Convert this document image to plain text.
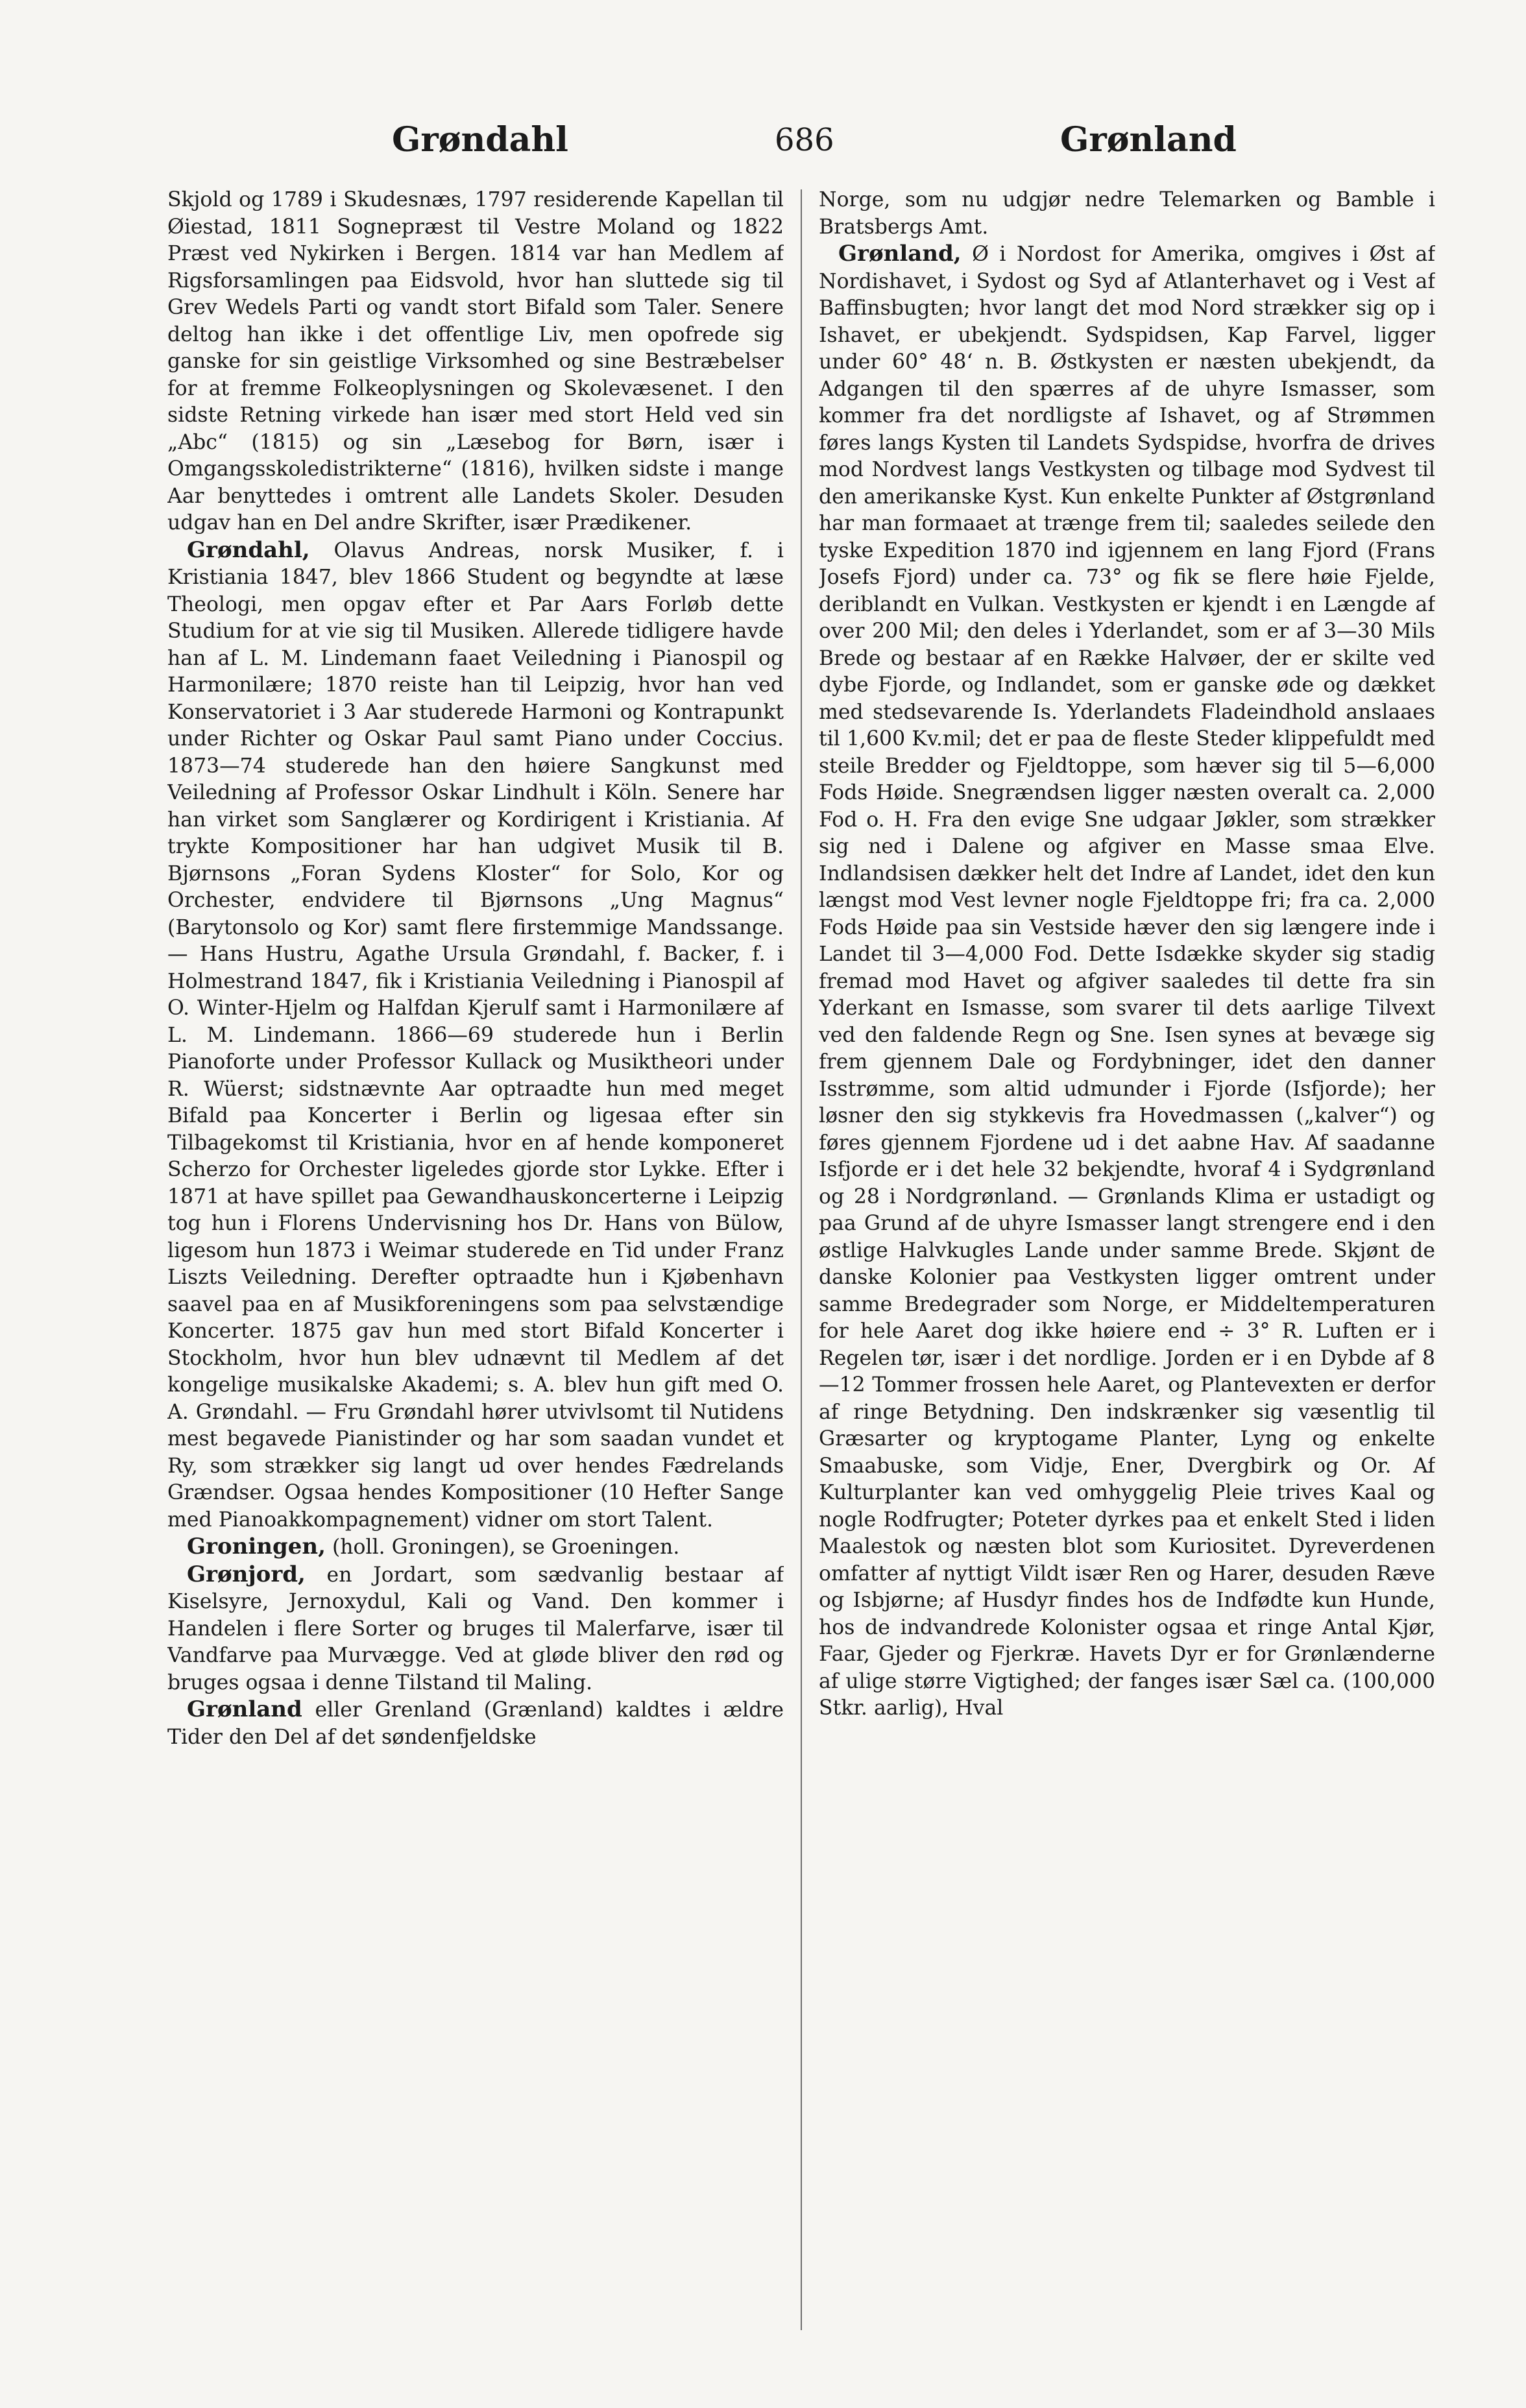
Grøndahl	686	Grønland

Skjold og 1789 i Skudesnæs, 1797 residerende Kapellan til Øiestad, 1811 Sognepræst til Vestre Moland og 1822 Præst ved Nykirken i Bergen. 1814 var han Medlem af Rigsforsamlingen paa Eidsvold, hvor han sluttede sig til Grev Wedels Parti og vandt stort Bifald som Taler. Senere deltog han ikke i det offentlige Liv, men opofrede sig ganske for sin geistlige Virksomhed og sine Bestræbelser for at fremme Folkeoplysningen og Skolevæsenet. I den sidste Retning virkede han især med stort Held ved sin „Abc“ (1815) og sin „Læsebog for Børn, især i Omgangsskoledistrikterne“ (1816), hvilken sidste i mange Aar benyttedes i omtrent alle Landets Skoler. Desuden udgav han en Del andre Skrifter, især Prædikener.

Grøndahl, Olavus Andreas, norsk Musiker, f. i Kristiania 1847, blev 1866 Student og begyndte at læse Theologi, men opgav efter et Par Aars Forløb dette Studium for at vie sig til Musiken. Allerede tidligere havde han af L. M. Lindemann faaet Veiledning i Pianospil og Harmonilære; 1870 reiste han til Leipzig, hvor han ved Konservatoriet i 3 Aar studerede Harmoni og Kontrapunkt under Richter og Oskar Paul samt Piano under Coccius. 1873—74 studerede han den høiere Sangkunst med Veiledning af Professor Oskar Lindhult i Köln. Senere har han virket som Sanglærer og Kordirigent i Kristiania. Af trykte Kompositioner har han udgivet Musik til B. Bjørnsons „Foran Sydens Kloster“ for Solo, Kor og Orchester, endvidere til Bjørnsons „Ung Magnus“ (Barytonsolo og Kor) samt flere firstemmige Mandssange. — Hans Hustru, Agathe Ursula Grøndahl, f. Backer, f. i Holmestrand 1847, fik i Kristiania Veiledning i Pianospil af O. Winter-Hjelm og Halfdan Kjerulf samt i Harmonilære af L. M. Lindemann. 1866—69 studerede hun i Berlin Pianoforte under Professor Kullack og Musiktheori under R. Wüerst; sidstnævnte Aar optraadte hun med meget Bifald paa Koncerter i Berlin og ligesaa efter sin Tilbagekomst til Kristiania, hvor en af hende komponeret Scherzo for Orchester ligeledes gjorde stor Lykke. Efter i 1871 at have spillet paa Gewandhauskoncerterne i Leipzig tog hun i Florens Undervisning hos Dr. Hans von Bülow, ligesom hun 1873 i Weimar studerede en Tid under Franz Liszts Veiledning. Derefter optraadte hun i Kjøbenhavn saavel paa en af Musikforeningens som paa selvstændige Koncerter. 1875 gav hun med stort Bifald Koncerter i Stockholm, hvor hun blev udnævnt til Medlem af det kongelige musikalske Akademi; s. A. blev hun gift med O. A. Grøndahl. — Fru Grøndahl hører utvivlsomt til Nutidens mest begavede Pianistinder og har som saadan vundet et Ry, som strækker sig langt ud over hendes Fædrelands Grændser. Ogsaa hendes Kompositioner (10 Hefter Sange med Pianoakkompagnement) vidner om stort Talent.

Groningen, (holl. Groningen), se Groeningen.

Grønjord, en Jordart, som sædvanlig bestaar af Kiselsyre, Jernoxydul, Kali og Vand. Den kommer i Handelen i flere Sorter og bruges til Malerfarve, især til Vandfarve paa Murvægge. Ved at gløde bliver den rød og bruges ogsaa i denne Tilstand til Maling.

Grønland eller Grenland (Grænland) kaldtes i ældre Tider den Del af det søndenfjeldske

Norge, som nu udgjør nedre Telemarken og Bamble i Bratsbergs Amt.

Grønland, Ø i Nordost for Amerika, omgives i Øst af Nordishavet, i Sydost og Syd af Atlanterhavet og i Vest af Baffinsbugten; hvor langt det mod Nord strækker sig op i Ishavet, er ubekjendt. Sydspidsen, Kap Farvel, ligger under 60° 48‘ n. B. Østkysten er næsten ubekjendt, da Adgangen til den spærres af de uhyre Ismasser, som kommer fra det nordligste af Ishavet, og af Strømmen føres langs Kysten til Landets Sydspidse, hvorfra de drives mod Nordvest langs Vestkysten og tilbage mod Sydvest til den amerikanske Kyst. Kun enkelte Punkter af Østgrønland har man formaaet at trænge frem til; saaledes seilede den tyske Expedition 1870 ind igjennem en lang Fjord (Frans Josefs Fjord) under ca. 73° og fik se flere høie Fjelde, deriblandt en Vulkan. Vestkysten er kjendt i en Længde af over 200 Mil; den deles i Yderlandet, som er af 3—30 Mils Brede og bestaar af en Række Halvøer, der er skilte ved dybe Fjorde, og Indlandet, som er ganske øde og dækket med stedsevarende Is. Yderlandets Fladeindhold anslaaes til 1,600 Kv.mil; det er paa de fleste Steder klippefuldt med steile Bredder og Fjeldtoppe, som hæver sig til 5—6,000 Fods Høide. Snegrændsen ligger næsten overalt ca. 2,000 Fod o. H. Fra den evige Sne udgaar Jøkler, som strækker sig ned i Dalene og afgiver en Masse smaa Elve. Indlandsisen dækker helt det Indre af Landet, idet den kun længst mod Vest levner nogle Fjeldtoppe fri; fra ca. 2,000 Fods Høide paa sin Vestside hæver den sig længere inde i Landet til 3—4,000 Fod. Dette Isdække skyder sig stadig fremad mod Havet og afgiver saaledes til dette fra sin Yderkant en Ismasse, som svarer til dets aarlige Tilvext ved den faldende Regn og Sne. Isen synes at bevæge sig frem gjennem Dale og Fordybninger, idet den danner Isstrømme, som altid udmunder i Fjorde (Isfjorde); her løsner den sig stykkevis fra Hovedmassen („kalver“) og føres gjennem Fjordene ud i det aabne Hav. Af saadanne Isfjorde er i det hele 32 bekjendte, hvoraf 4 i Sydgrønland og 28 i Nordgrønland. — Grønlands Klima er ustadigt og paa Grund af de uhyre Ismasser langt strengere end i den østlige Halvkugles Lande under samme Brede. Skjønt de danske Kolonier paa Vestkysten ligger omtrent under samme Bredegrader som Norge, er Middeltemperaturen for hele Aaret dog ikke høiere end ÷ 3° R. Luften er i Regelen tør, især i det nordlige. Jorden er i en Dybde af 8—12 Tommer frossen hele Aaret, og Plantevexten er derfor af ringe Betydning. Den indskrænker sig væsentlig til Græsarter og kryptogame Planter, Lyng og enkelte Smaabuske, som Vidje, Ener, Dvergbirk og Or. Af Kulturplanter kan ved omhyggelig Pleie trives Kaal og nogle Rodfrugter; Poteter dyrkes paa et enkelt Sted i liden Maalestok og næsten blot som Kuriositet. Dyreverdenen omfatter af nyttigt Vildt især Ren og Harer, desuden Ræve og Isbjørne; af Husdyr findes hos de Indfødte kun Hunde, hos de indvandrede Kolonister ogsaa et ringe Antal Kjør, Faar, Gjeder og Fjerkræ. Havets Dyr er for Grønlænderne af ulige større Vigtighed; der fanges især Sæl ca. (100,000 Stkr. aarlig), Hval
